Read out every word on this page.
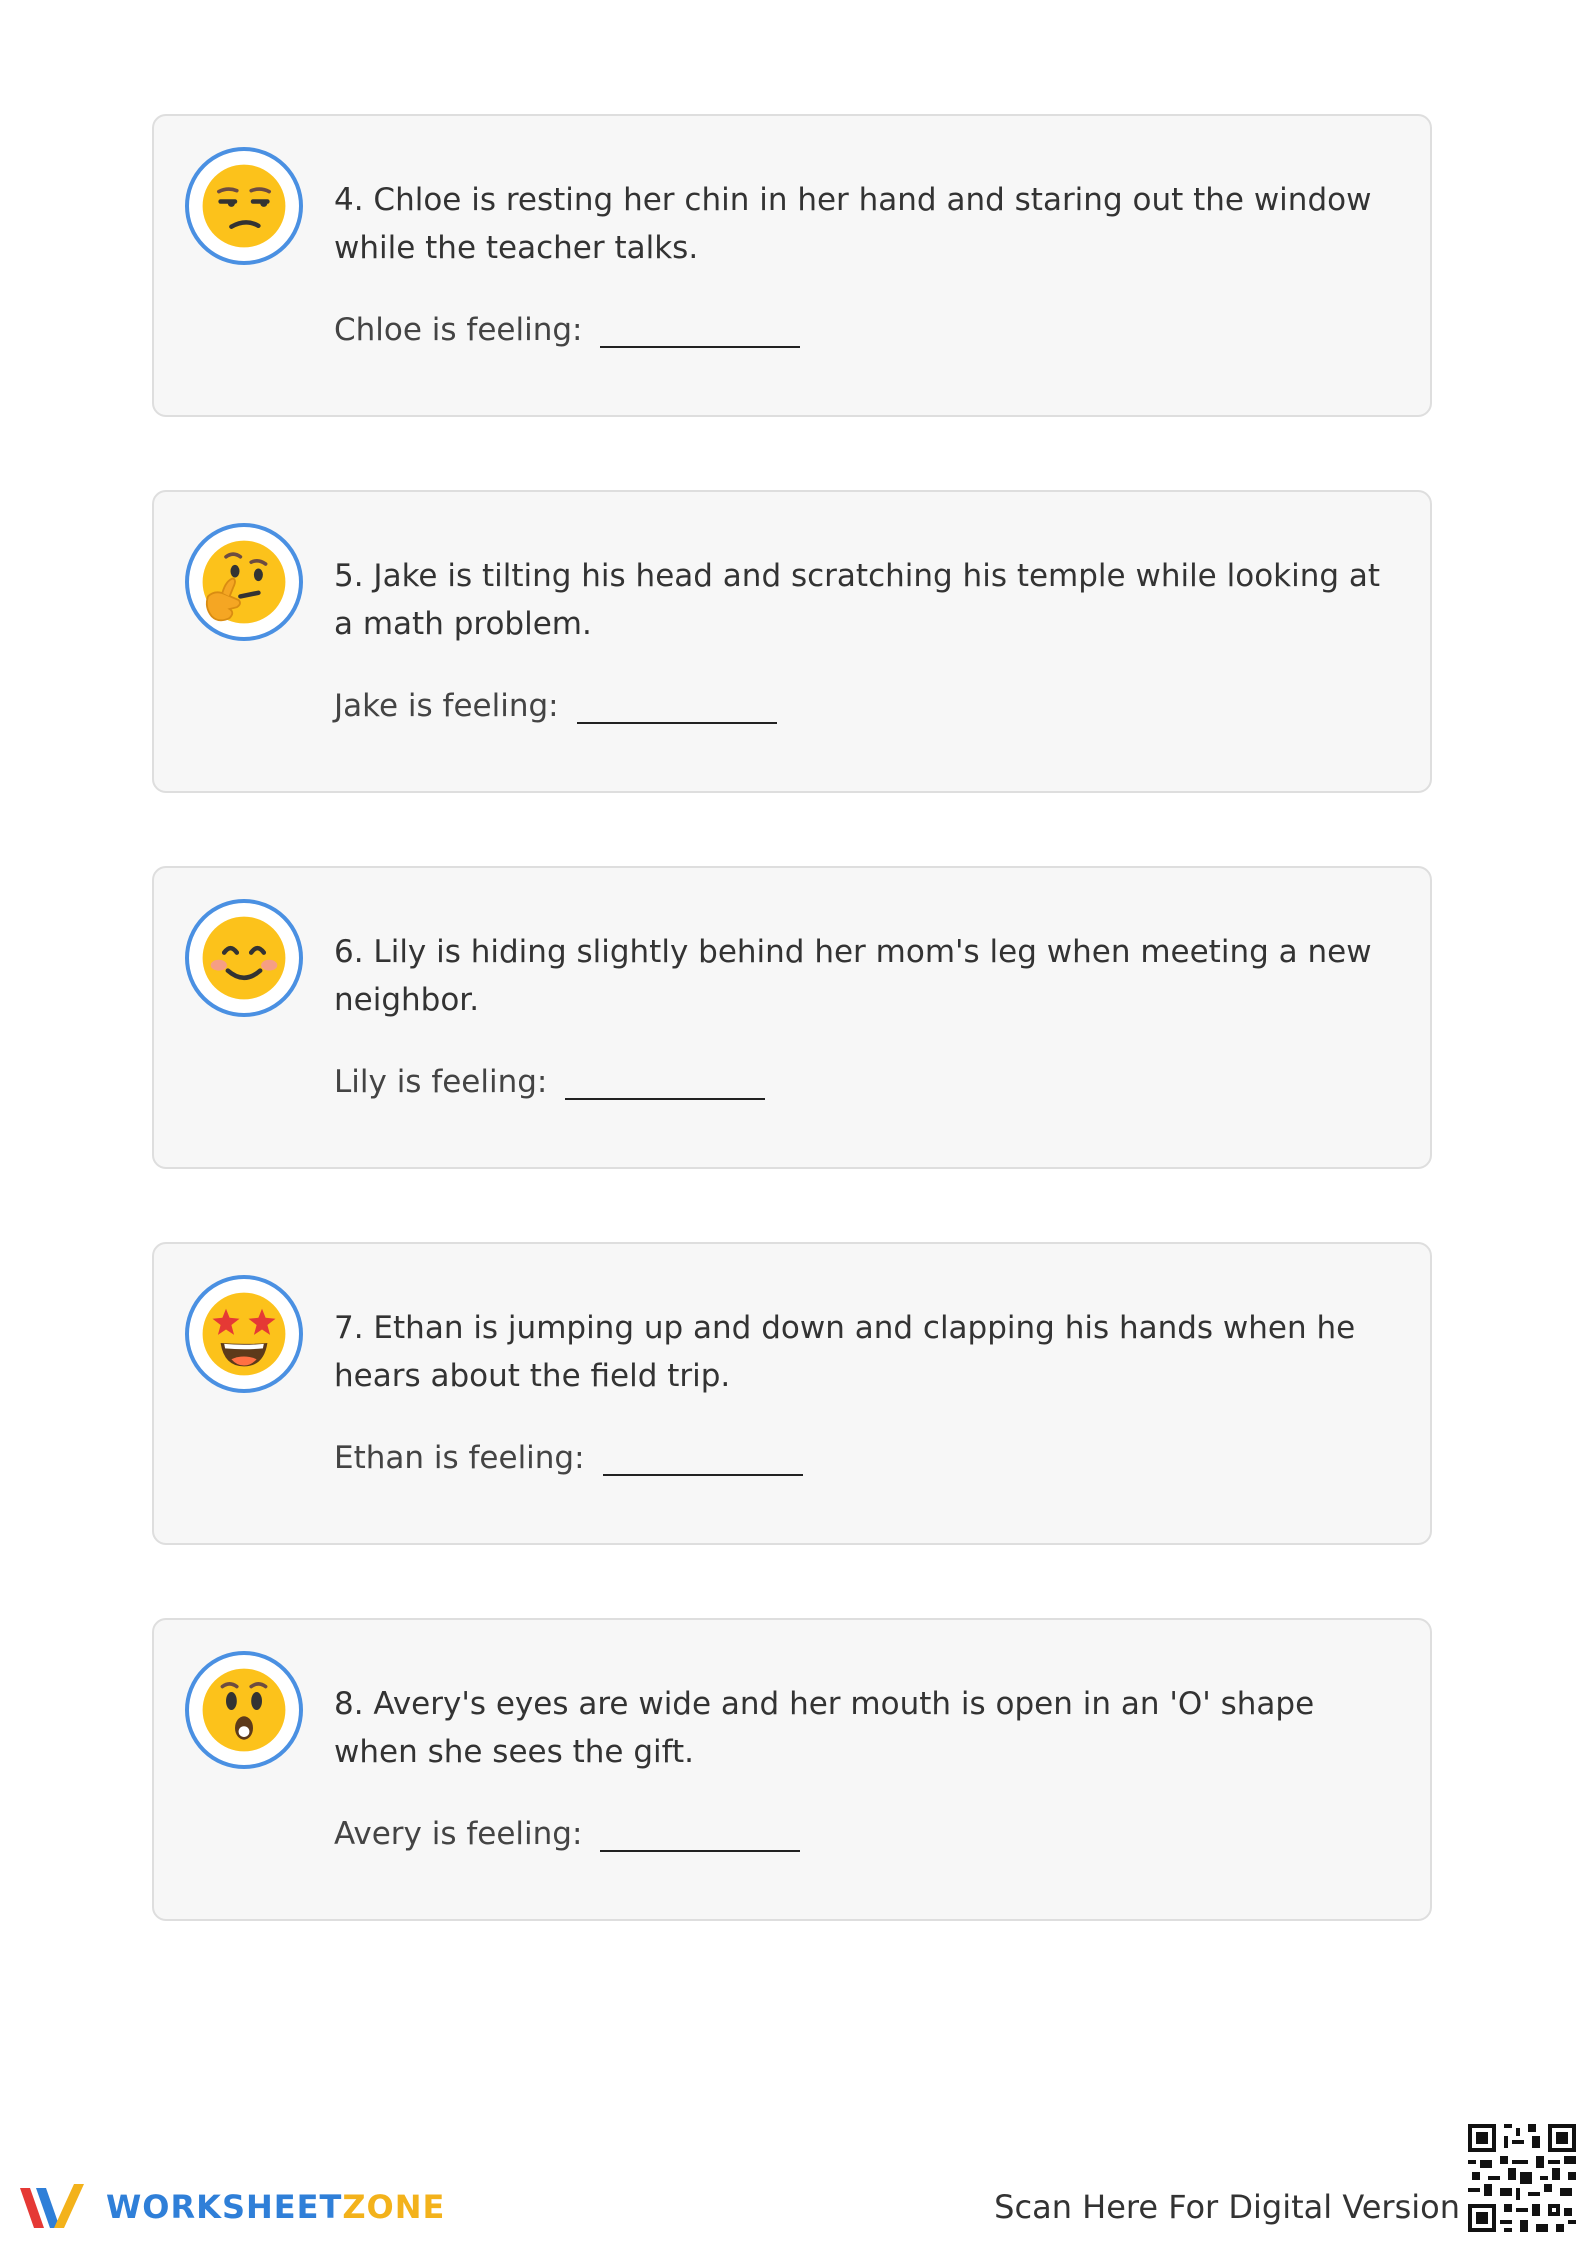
4. Chloe is resting her chin in her hand and staring out the window while the teacher talks.

Chloe is feeling:

5. Jake is tilting his head and scratching his temple while looking at a math problem.

Jake is feeling:

6. Lily is hiding slightly behind her mom's leg when meeting a new neighbor.

Lily is feeling:

7. Ethan is jumping up and down and clapping his hands when he hears about the field trip.

Ethan is feeling:

8. Avery's eyes are wide and her mouth is open in an 'O' shape when she sees the gift.

Avery is feeling:
WORKSHEETZONE	Scan Here For Digital Version
